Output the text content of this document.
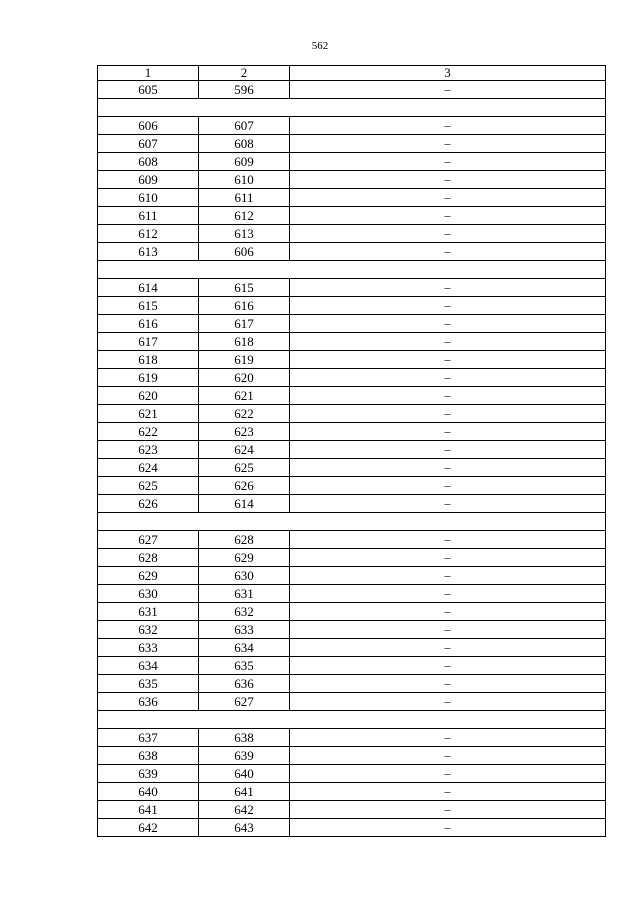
562
1	2	3
605	596	–

606	607	–
607	608	–
608	609	–
609	610	–
610	611	–
611	612	–
612	613	–
613	606	–

614	615	–
615	616	–
616	617	–
617	618	–
618	619	–
619	620	–
620	621	–
621	622	–
622	623	–
623	624	–
624	625	–
625	626	–
626	614	–

627	628	–
628	629	–
629	630	–
630	631	–
631	632	–
632	633	–
633	634	–
634	635	–
635	636	–
636	627	–

637	638	–
638	639	–
639	640	–
640	641	–
641	642	–
642	643	–
